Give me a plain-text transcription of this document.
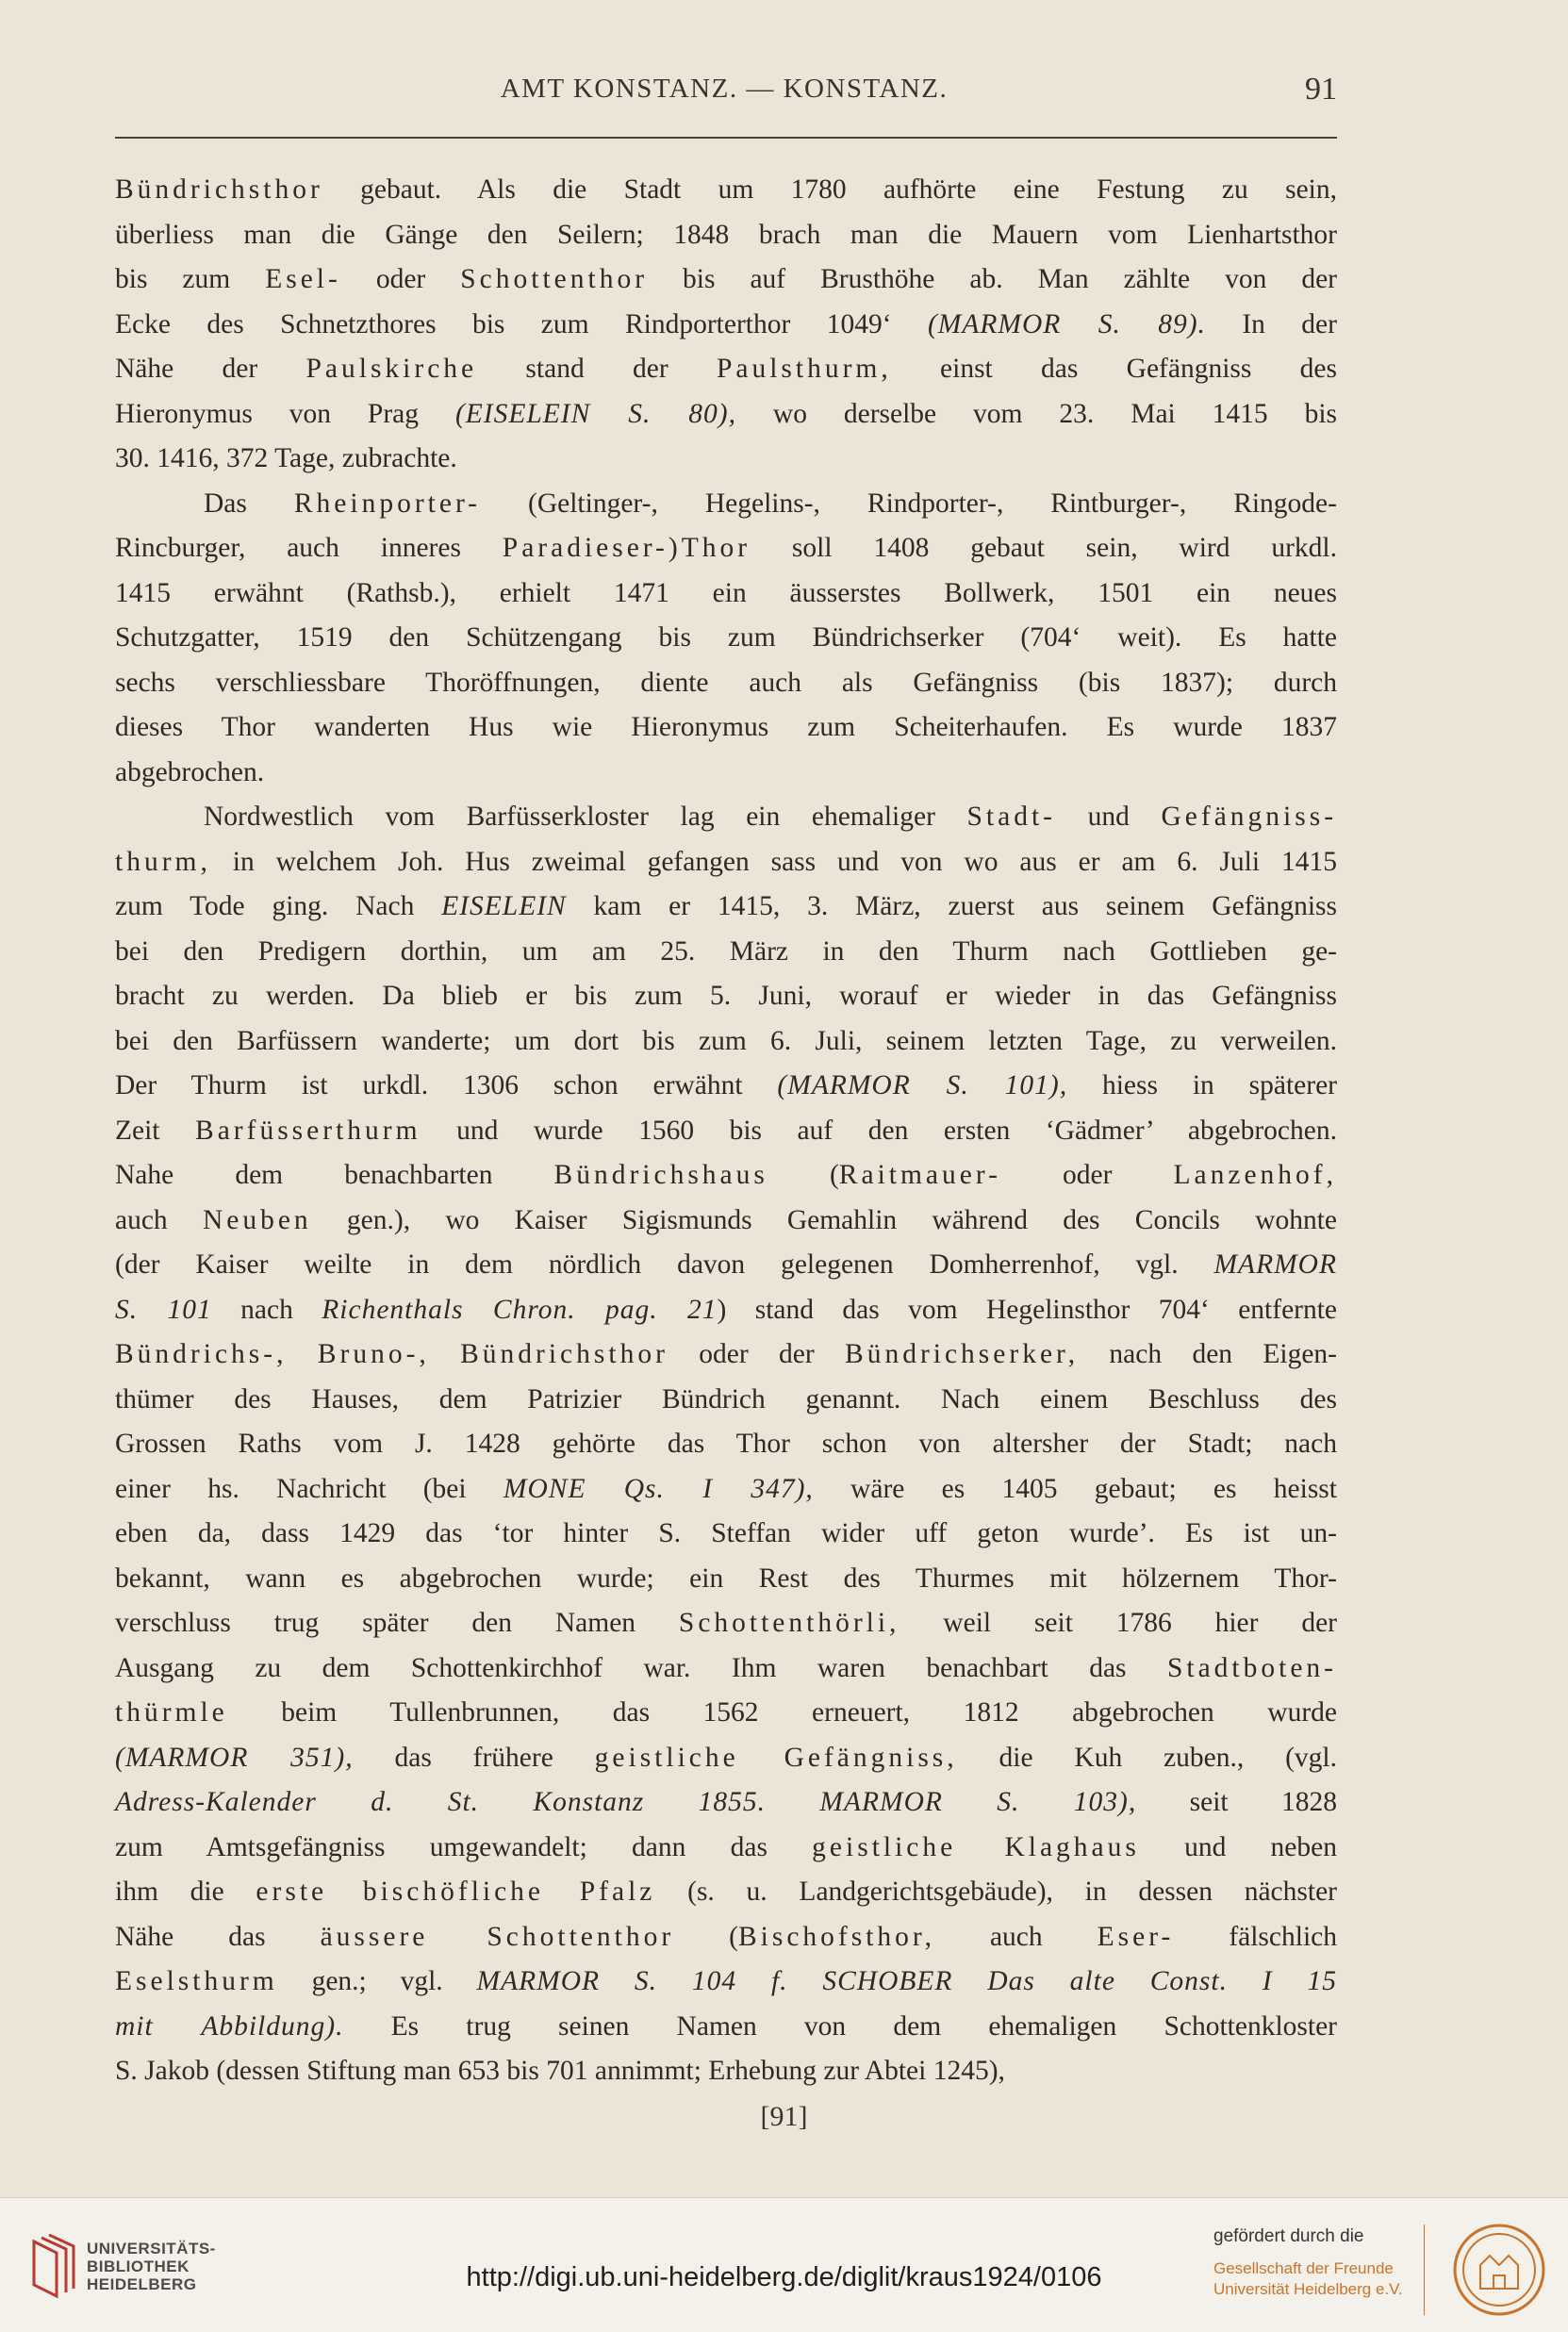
AMT KONSTANZ. — KONSTANZ.	91

Bündrichsthor gebaut. Als die Stadt um 1780 aufhörte eine Festung zu sein,
überliess man die Gänge den Seilern; 1848 brach man die Mauern vom Lienhartsthor
bis zum Esel- oder Schottenthor bis auf Brusthöhe ab. Man zählte von der
Ecke des Schnetzthores bis zum Rindporterthor 1049‘ (MARMOR S. 89). In der
Nähe der Paulskirche stand der Paulsthurm, einst das Gefängniss des
Hieronymus von Prag (EISELEIN S. 80), wo derselbe vom 23. Mai 1415 bis
30. 1416, 372 Tage, zubrachte.

Das Rheinporter- (Geltinger-, Hegelins-, Rindporter-, Rintburger-, Ringode-
Rincburger, auch inneres Paradieser-)Thor soll 1408 gebaut sein, wird urkdl.
1415 erwähnt (Rathsb.), erhielt 1471 ein äusserstes Bollwerk, 1501 ein neues
Schutzgatter, 1519 den Schützengang bis zum Bündrichserker (704‘ weit). Es hatte
sechs verschliessbare Thoröffnungen, diente auch als Gefängniss (bis 1837); durch
dieses Thor wanderten Hus wie Hieronymus zum Scheiterhaufen. Es wurde 1837
abgebrochen.

Nordwestlich vom Barfüsserkloster lag ein ehemaliger Stadt- und Gefängniss-
thurm, in welchem Joh. Hus zweimal gefangen sass und von wo aus er am 6. Juli 1415
zum Tode ging. Nach EISELEIN kam er 1415, 3. März, zuerst aus seinem Gefängniss
bei den Predigern dorthin, um am 25. März in den Thurm nach Gottlieben ge-
bracht zu werden. Da blieb er bis zum 5. Juni, worauf er wieder in das Gefängniss
bei den Barfüssern wanderte; um dort bis zum 6. Juli, seinem letzten Tage, zu verweilen.
Der Thurm ist urkdl. 1306 schon erwähnt (MARMOR S. 101), hiess in späterer
Zeit Barfüsserthurm und wurde 1560 bis auf den ersten ‘Gädmer’ abgebrochen.
Nahe dem benachbarten Bündrichshaus (Raitmauer- oder Lanzenhof,
auch Neuben gen.), wo Kaiser Sigismunds Gemahlin während des Concils wohnte
(der Kaiser weilte in dem nördlich davon gelegenen Domherrenhof, vgl. MARMOR
S. 101 nach Richenthals Chron. pag. 21) stand das vom Hegelinsthor 704‘ entfernte
Bündrichs-, Bruno-, Bündrichsthor oder der Bündrichserker, nach den Eigen-
thümer des Hauses, dem Patrizier Bündrich genannt. Nach einem Beschluss des
Grossen Raths vom J. 1428 gehörte das Thor schon von altersher der Stadt; nach
einer hs. Nachricht (bei MONE Qs. I 347), wäre es 1405 gebaut; es heisst
eben da, dass 1429 das ‘tor hinter S. Steffan wider uff geton wurde’. Es ist un-
bekannt, wann es abgebrochen wurde; ein Rest des Thurmes mit hölzernem Thor-
verschluss trug später den Namen Schottenthörli, weil seit 1786 hier der
Ausgang zu dem Schottenkirchhof war. Ihm waren benachbart das Stadtboten-
thürmle beim Tullenbrunnen, das 1562 erneuert, 1812 abgebrochen wurde
(MARMOR 351), das frühere geistliche Gefängniss, die Kuh zuben., (vgl.
Adress-Kalender d. St. Konstanz 1855. MARMOR S. 103), seit 1828
zum Amtsgefängniss umgewandelt; dann das geistliche Klaghaus und neben
ihm die erste bischöfliche Pfalz (s. u. Landgerichtsgebäude), in dessen nächster
Nähe das äussere Schottenthor (Bischofsthor, auch Eser- fälschlich
Eselsthurm gen.; vgl. MARMOR S. 104 f. SCHOBER Das alte Const. I 15
mit Abbildung). Es trug seinen Namen von dem ehemaligen Schottenkloster
S. Jakob (dessen Stiftung man 653 bis 701 annimmt; Erhebung zur Abtei 1245),

[91]
UNIVERSITÄTS-
BIBLIOTHEK
HEIDELBERG	http://digi.ub.uni-heidelberg.de/diglit/kraus1924/0106
gefördert durch die
Gesellschaft der Freunde
Universität Heidelberg e.V.
